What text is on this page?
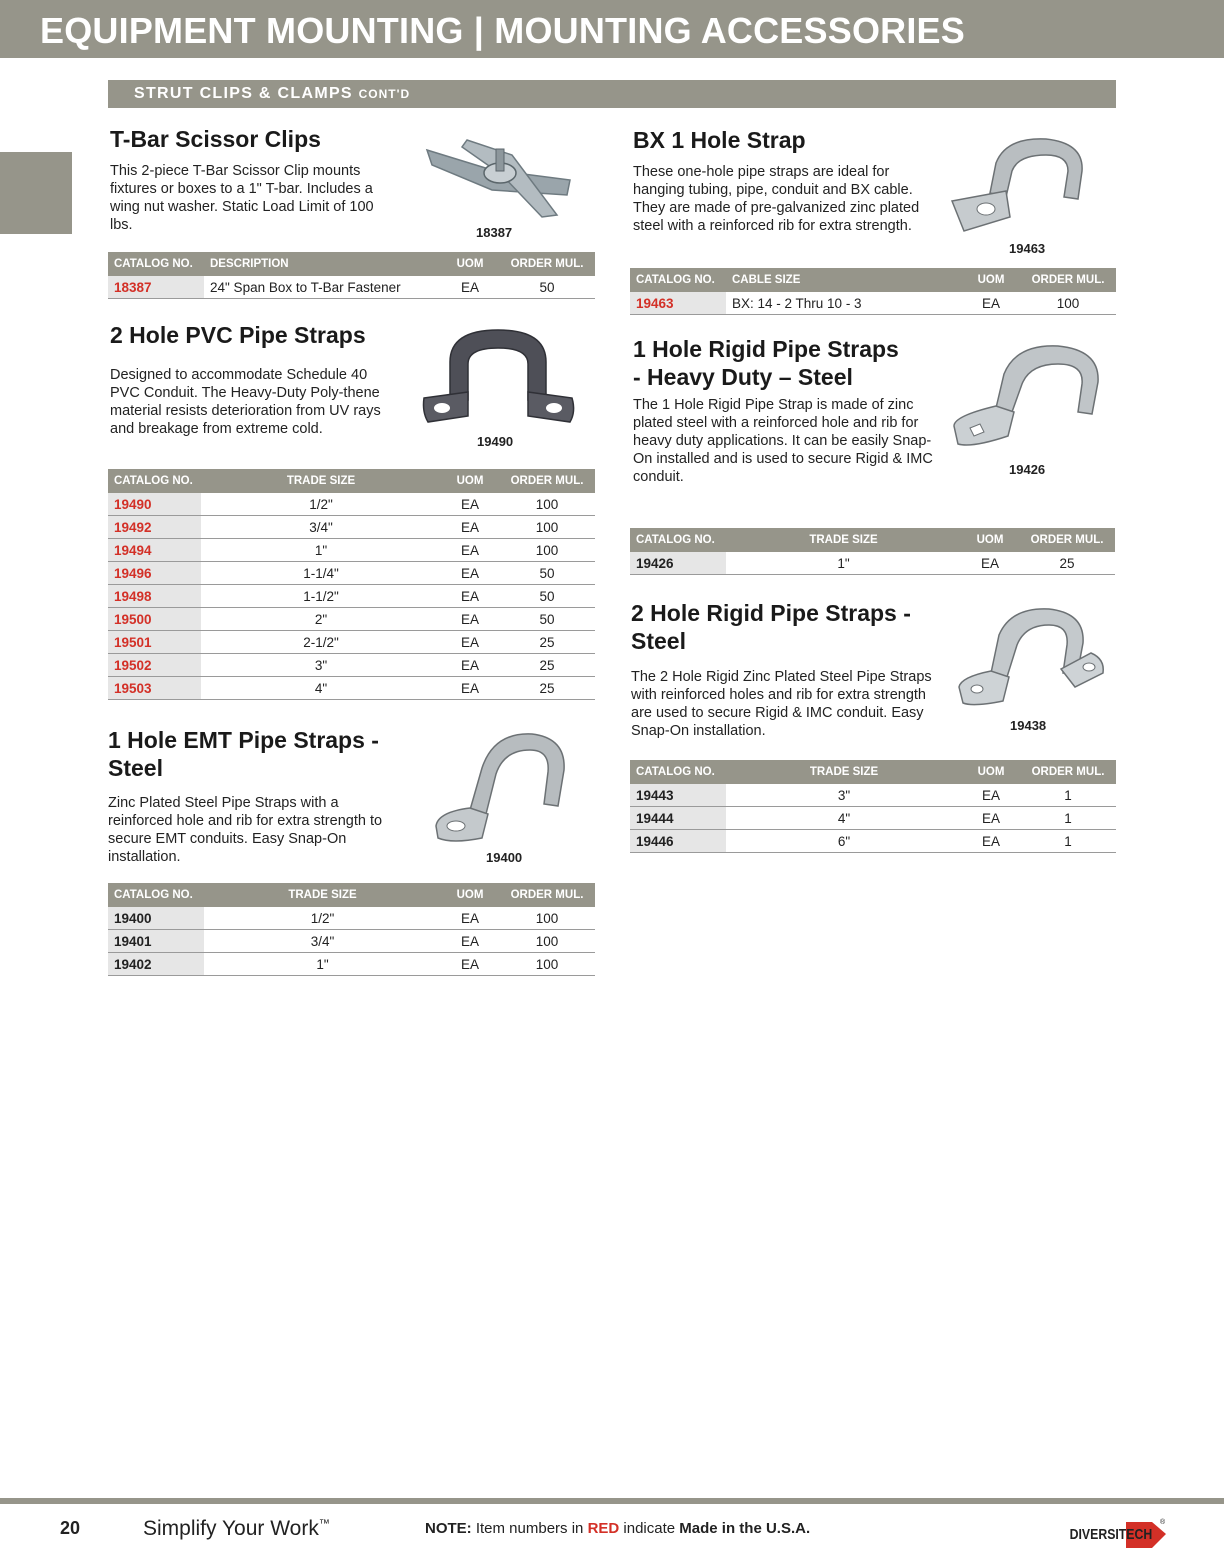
EQUIPMENT MOUNTING | MOUNTING ACCESSORIES
STRUT CLIPS & CLAMPS CONT'D
T-Bar Scissor Clips

This 2-piece T-Bar Scissor Clip mounts fixtures or boxes to a 1" T-bar. Includes a wing nut washer. Static Load Limit of 100 lbs.	18387
CATALOG NO.	DESCRIPTION	UOM	ORDER MUL.
18387	24" Span Box to T-Bar Fastener	EA	50
2 Hole PVC Pipe Straps

Designed to accommodate Schedule 40 PVC Conduit. The Heavy-Duty Poly-thene material resists deterioration from UV rays and breakage from extreme cold.

19490
CATALOG NO.	TRADE SIZE	UOM	ORDER MUL.
19490	1/2"	EA	100
19492	3/4"	EA	100
19494	1"	EA	100
19496	1-1/4"	EA	50
19498	1-1/2"	EA	50
19500	2"	EA	50
19501	2-1/2"	EA	25
19502	3"	EA	25
19503	4"	EA	25
1 Hole EMT Pipe Straps - Steel

Zinc Plated Steel Pipe Straps with a reinforced hole and rib for extra strength to secure EMT conduits. Easy Snap-On installation.	19400
CATALOG NO.	TRADE SIZE	UOM	ORDER MUL.
19400	1/2"	EA	100
19401	3/4"	EA	100
19402	1"	EA	100
BX 1 Hole Strap

These one-hole pipe straps are ideal for hanging tubing, pipe, conduit and BX cable. They are made of pre-galvanized zinc plated steel with a reinforced rib for extra strength.

19463
CATALOG NO.	CABLE SIZE	UOM	ORDER MUL.
19463	BX: 14 - 2 Thru 10 - 3	EA	100
1 Hole Rigid Pipe Straps - Heavy Duty – Steel

The 1 Hole Rigid Pipe Strap is made of zinc plated steel with a reinforced hole and rib for heavy duty applications. It can be easily Snap-On installed and is used to secure Rigid & IMC conduit.	19426
CATALOG NO.	TRADE SIZE	UOM	ORDER MUL.
19426	1"	EA	25
2 Hole Rigid Pipe Straps - Steel

The 2 Hole Rigid Zinc Plated Steel Pipe Straps with reinforced holes and rib for extra strength are used to secure Rigid & IMC conduit. Easy Snap-On installation.	19438
CATALOG NO.	TRADE SIZE	UOM	ORDER MUL.
19443	3"	EA	1
19444	4"	EA	1
19446	6"	EA	1
20	Simplify Your Work™	NOTE: Item numbers in RED indicate Made in the U.S.A.	DIVERSITECH
®
